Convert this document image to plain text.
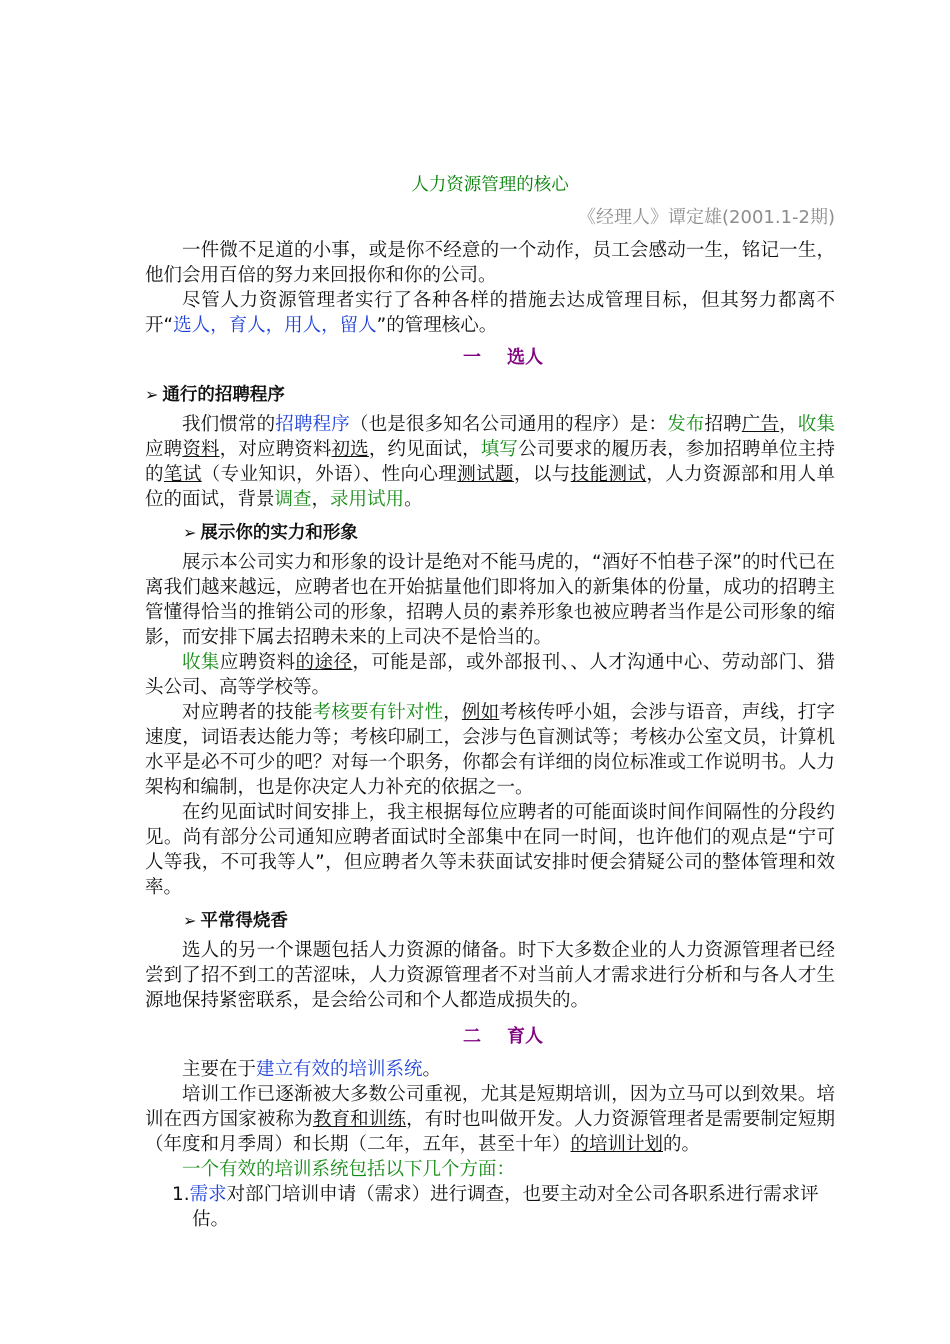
人力资源管理的核心
《经理人》谭定雄(2001.1-2期)

一件微不足道的小事，或是你不经意的一个动作，员工会感动一生，铭记一生，他们会用百倍的努力来回报你和你的公司。

尽管人力资源管理者实行了各种各样的措施去达成管理目标，但其努力都离不开“选人，育人，用人，留人”的管理核心。

一 选人
➢ 通行的招聘程序

我们惯常的招聘程序（也是很多知名公司通用的程序）是：发布招聘广告，收集应聘资料，对应聘资料初选，约见面试，填写公司要求的履历表，参加招聘单位主持的笔试（专业知识，外语）、性向心理测试题，以与技能测试，人力资源部和用人单位的面试，背景调查，录用试用。

➢ 展示你的实力和形象

展示本公司实力和形象的设计是绝对不能马虎的，“酒好不怕巷子深”的时代已在离我们越来越远，应聘者也在开始掂量他们即将加入的新集体的份量，成功的招聘主管懂得恰当的推销公司的形象，招聘人员的素养形象也被应聘者当作是公司形象的缩影，而安排下属去招聘未来的上司决不是恰当的。

收集应聘资料的途径，可能是部，或外部报刊、、人才沟通中心、劳动部门、猎头公司、高等学校等。

对应聘者的技能考核要有针对性，例如考核传呼小姐，会涉与语音，声线，打字速度，词语表达能力等；考核印刷工，会涉与色盲测试等；考核办公室文员，计算机水平是必不可少的吧？对每一个职务，你都会有详细的岗位标准或工作说明书。人力架构和编制，也是你决定人力补充的依据之一。

在约见面试时间安排上，我主根据每位应聘者的可能面谈时间作间隔性的分段约见。尚有部分公司通知应聘者面试时全部集中在同一时间，也许他们的观点是“宁可人等我，不可我等人”，但应聘者久等未获面试安排时便会猜疑公司的整体管理和效率。

➢ 平常得烧香

选人的另一个课题包括人力资源的储备。时下大多数企业的人力资源管理者已经尝到了招不到工的苦涩味，人力资源管理者不对当前人才需求进行分析和与各人才生源地保持紧密联系，是会给公司和个人都造成损失的。

二 育人

主要在于建立有效的培训系统。

培训工作已逐渐被大多数公司重视，尤其是短期培训，因为立马可以到效果。培训在西方国家被称为教育和训练，有时也叫做开发。人力资源管理者是需要制定短期（年度和月季周）和长期（二年，五年，甚至十年）的培训计划的。

一个有效的培训系统包括以下几个方面：

1.需求对部门培训申请（需求）进行调查，也要主动对全公司各职系进行需求评估。
